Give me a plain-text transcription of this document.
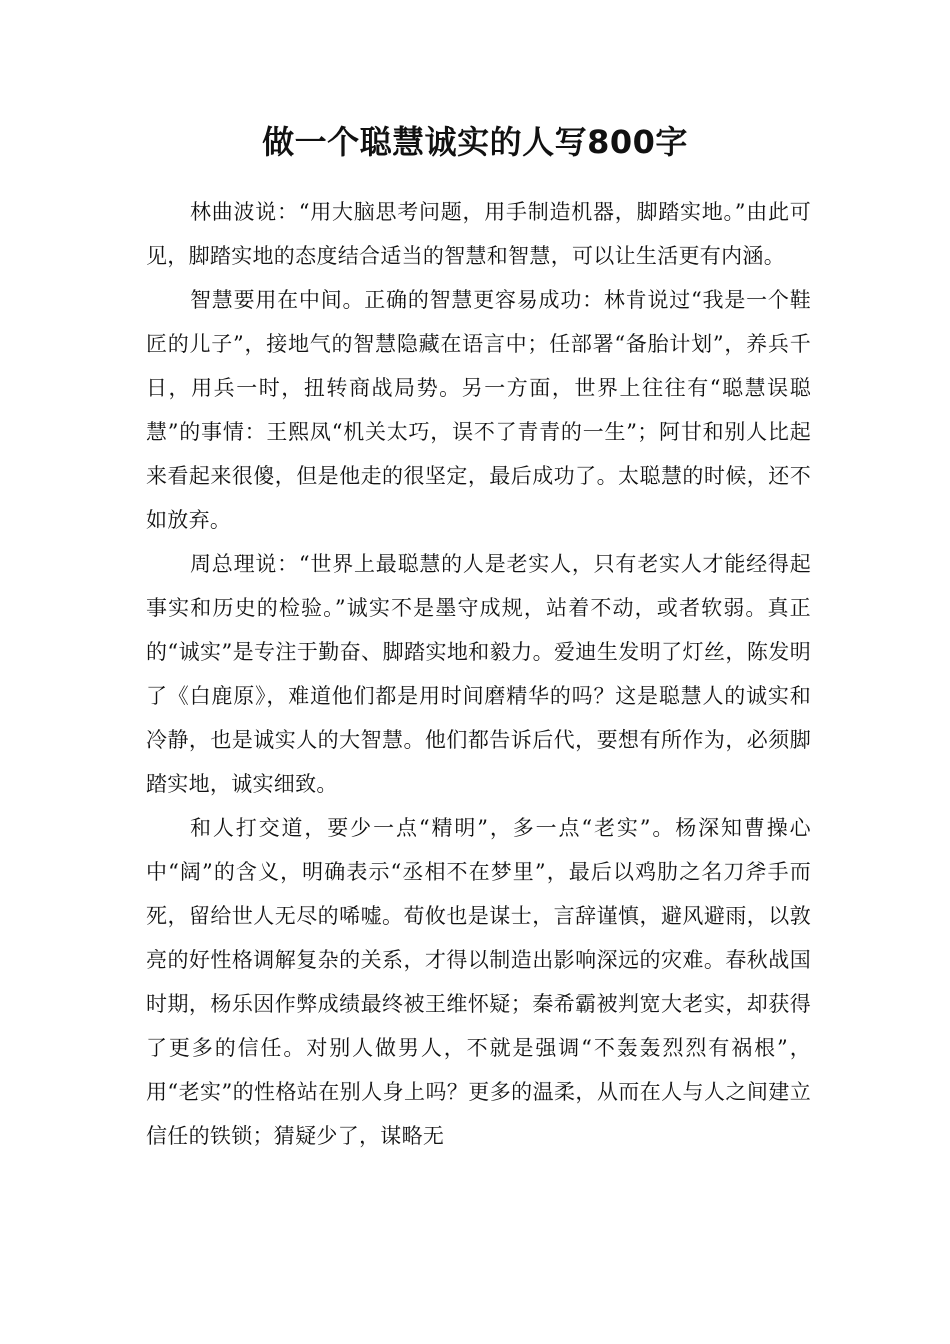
做一个聪慧诚实的人写800字

林曲波说：“用大脑思考问题，用手制造机器，脚踏实地。”由此可见，脚踏实地的态度结合适当的智慧和智慧，可以让生活更有内涵。

智慧要用在中间。正确的智慧更容易成功：林肯说过“我是一个鞋匠的儿子”，接地气的智慧隐藏在语言中；任部署“备胎计划”，养兵千日，用兵一时，扭转商战局势。另一方面，世界上往往有“聪慧误聪慧”的事情：王熙凤“机关太巧，误不了青青的一生”；阿甘和别人比起来看起来很傻，但是他走的很坚定，最后成功了。太聪慧的时候，还不如放弃。

周总理说：“世界上最聪慧的人是老实人，只有老实人才能经得起事实和历史的检验。”诚实不是墨守成规，站着不动，或者软弱。真正的“诚实”是专注于勤奋、脚踏实地和毅力。爱迪生发明了灯丝，陈发明了《白鹿原》，难道他们都是用时间磨精华的吗？这是聪慧人的诚实和冷静，也是诚实人的大智慧。他们都告诉后代，要想有所作为，必须脚踏实地，诚实细致。

和人打交道，要少一点“精明”，多一点“老实”。杨深知曹操心中“阔”的含义，明确表示“丞相不在梦里”，最后以鸡肋之名刀斧手而死，留给世人无尽的唏嘘。荀攸也是谋士，言辞谨慎，避风避雨，以敦亮的好性格调解复杂的关系，才得以制造出影响深远的灾难。春秋战国时期，杨乐因作弊成绩最终被王维怀疑；秦希霸被判宽大老实，却获得了更多的信任。对别人做男人，不就是强调“不轰轰烈烈有祸根”，用“老实”的性格站在别人身上吗？更多的温柔，从而在人与人之间建立信任的铁锁；猜疑少了，谋略无
